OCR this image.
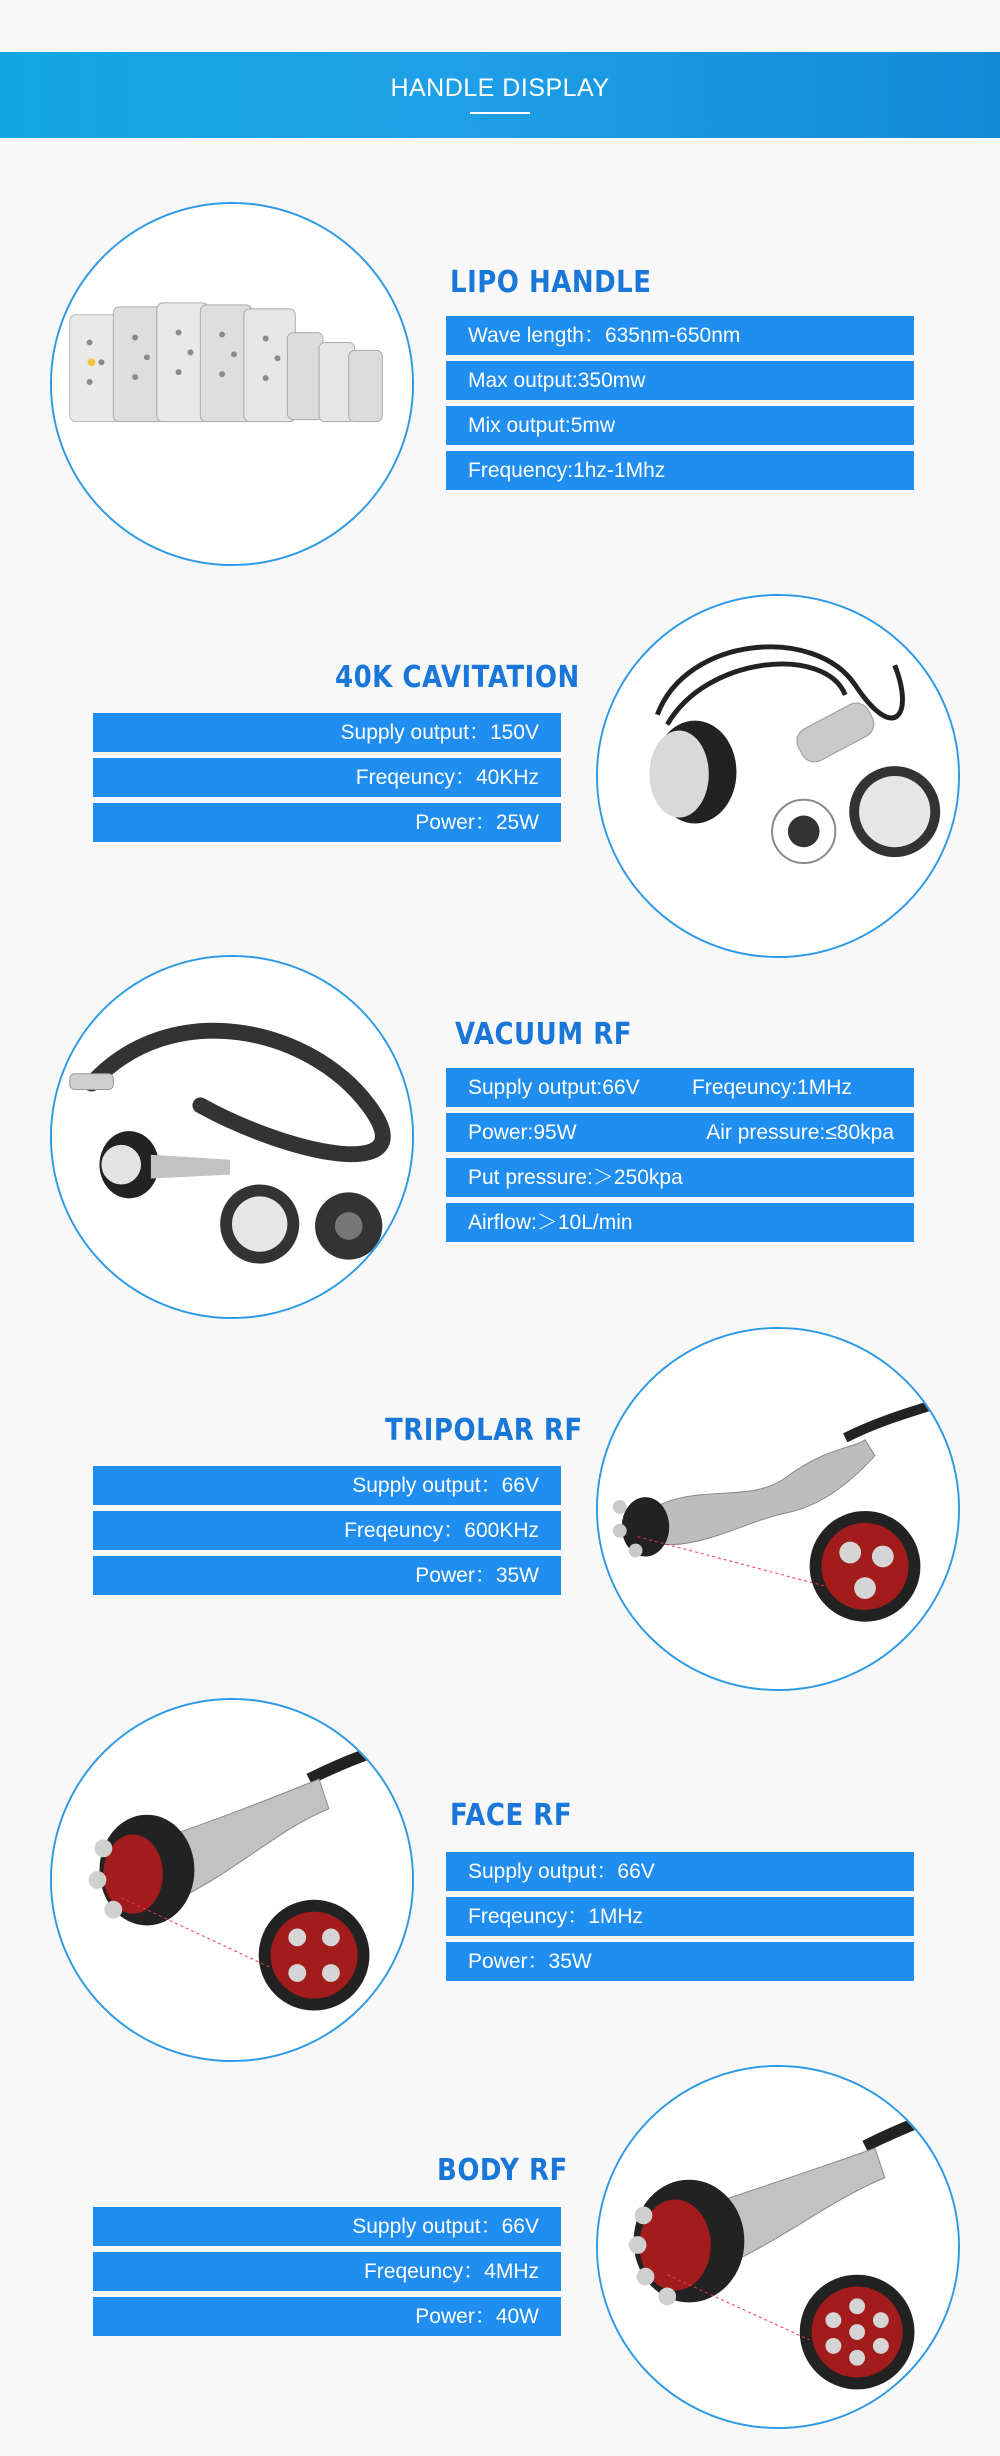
HANDLE DISPLAY
LIPO HANDLE
Wave length：635nm-650nm
Max output:350mw
Mix output:5mw
Frequency:1hz-1Mhz
40K CAVITATION
Supply output：150V
Freqeuncy：40KHz
Power：25W
VACUUM RF
Supply output:66V Freqeuncy:1MHz
Power:95W	Air pressure:≤80kpa
Put pressure:＞250kpa
Airflow:＞10L/min
TRIPOLAR RF
Supply output：66V
Freqeuncy：600KHz
Power：35W
FACE RF
Supply output：66V
Freqeuncy：1MHz
Power：35W
BODY RF
Supply output：66V
Freqeuncy：4MHz
Power：40W
